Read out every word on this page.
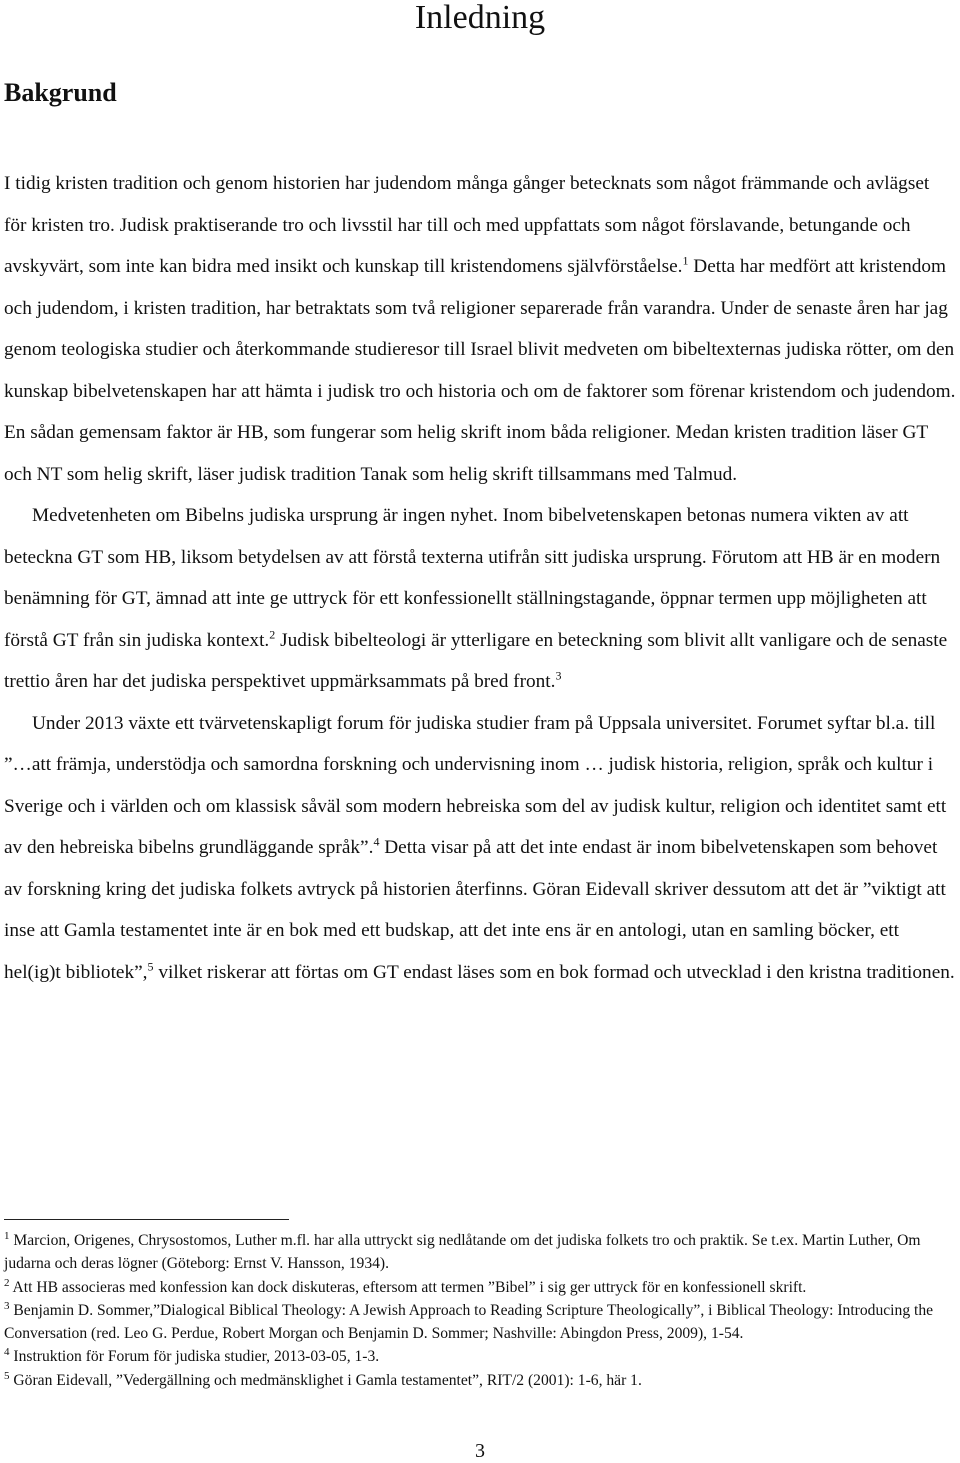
Inledning
Bakgrund

I tidig kristen tradition och genom historien har judendom många gånger betecknats som något främmande och avlägset för kristen tro. Judisk praktiserande tro och livsstil har till och med uppfattats som något förslavande, betungande och avskyvärt, som inte kan bidra med insikt och kunskap till kristendomens självförståelse.$^1$ Detta har medfört att kristendom och judendom, i kristen tradition, har betraktats som två religioner separerade från varandra. Under de senaste åren har jag genom teologiska studier och återkommande studieresor till Israel blivit medveten om bibeltexternas judiska rötter, om den kunskap bibelvetenskapen har att hämta i judisk tro och historia och om de faktorer som förenar kristendom och judendom. En sådan gemensam faktor är HB, som fungerar som helig skrift inom båda religioner. Medan kristen tradition läser GT och NT som helig skrift, läser judisk tradition Tanak som helig skrift tillsammans med Talmud.

Medvetenheten om Bibelns judiska ursprung är ingen nyhet. Inom bibelvetenskapen betonas numera vikten av att beteckna GT som HB, liksom betydelsen av att förstå texterna utifrån sitt judiska ursprung. Förutom att HB är en modern benämning för GT, ämnad att inte ge uttryck för ett konfessionellt ställningstagande, öppnar termen upp möjligheten att förstå GT från sin judiska kontext.$^2$ Judisk bibelteologi är ytterligare en beteckning som blivit allt vanligare och de senaste trettio åren har det judiska perspektivet uppmärksammats på bred front.$^3$

Under 2013 växte ett tvärvetenskapligt forum för judiska studier fram på Uppsala universitet. Forumet syftar bl.a. till ”…att främja, understödja och samordna forskning och undervisning inom … judisk historia, religion, språk och kultur i Sverige och i världen och om klassisk såväl som modern hebreiska som del av judisk kultur, religion och identitet samt ett av den hebreiska bibelns grundläggande språk”.$^4$ Detta visar på att det inte endast är inom bibelvetenskapen som behovet av forskning kring det judiska folkets avtryck på historien återfinns. Göran Eidevall skriver dessutom att det är ”viktigt att inse att Gamla testamentet inte är en bok med ett budskap, att det inte ens är en antologi, utan en samling böcker, ett hel(ig)t bibliotek”,$^5$ vilket riskerar att förtas om GT endast läses som en bok formad och utvecklad i den kristna traditionen.

$^1$ Marcion, Origenes, Chrysostomos, Luther m.fl. har alla uttryckt sig nedlåtande om det judiska folkets tro och praktik. Se t.ex. Martin Luther, Om judarna och deras lögner (Göteborg: Ernst V. Hansson, 1934).

$^2$ Att HB associeras med konfession kan dock diskuteras, eftersom att termen ”Bibel” i sig ger uttryck för en konfessionell skrift.

$^3$ Benjamin D. Sommer,”Dialogical Biblical Theology: A Jewish Approach to Reading Scripture Theologically”, i Biblical Theology: Introducing the Conversation (red. Leo G. Perdue, Robert Morgan och Benjamin D. Sommer; Nashville: Abingdon Press, 2009), 1-54.

$^4$ Instruktion för Forum för judiska studier, 2013-03-05, 1-3.

$^5$ Göran Eidevall, ”Vedergällning och medmänsklighet i Gamla testamentet”, RIT/2 (2001): 1-6, här 1.

3
